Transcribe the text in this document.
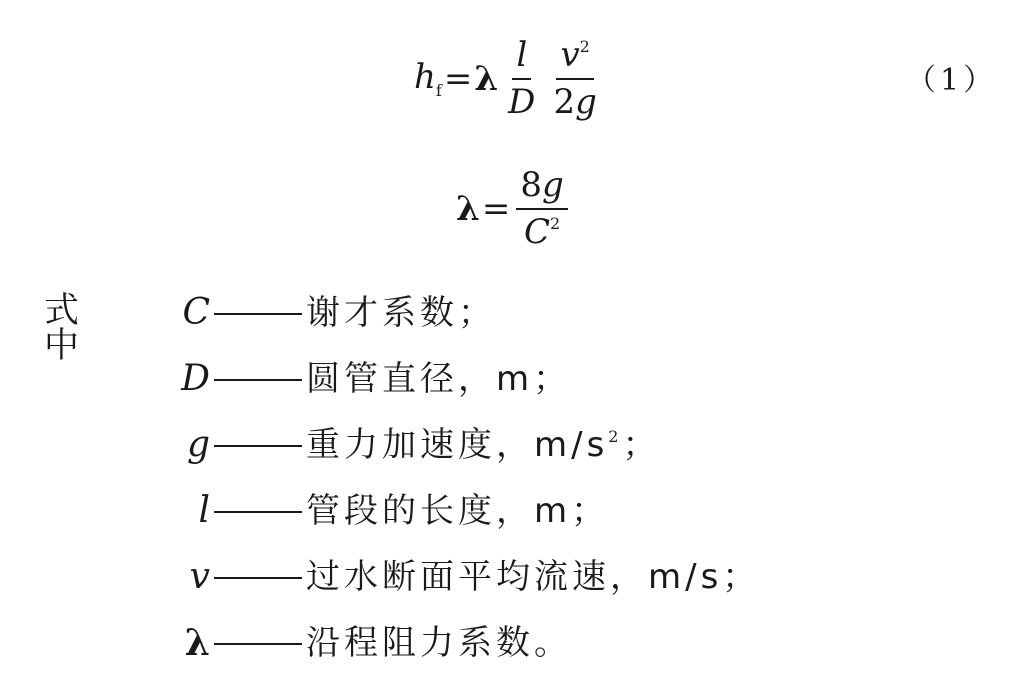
$h_f = \lambda \frac{l}{D} \frac{v^2}{2g}$	（1）
$\lambda = \frac{8g}{C^2}$
式中
C	谢才系数；
D	圆管直径，m；
g	重力加速度，$m/s^2$；
l	管段的长度，m；
v	过水断面平均流速，m/s；
λ	沿程阻力系数。
